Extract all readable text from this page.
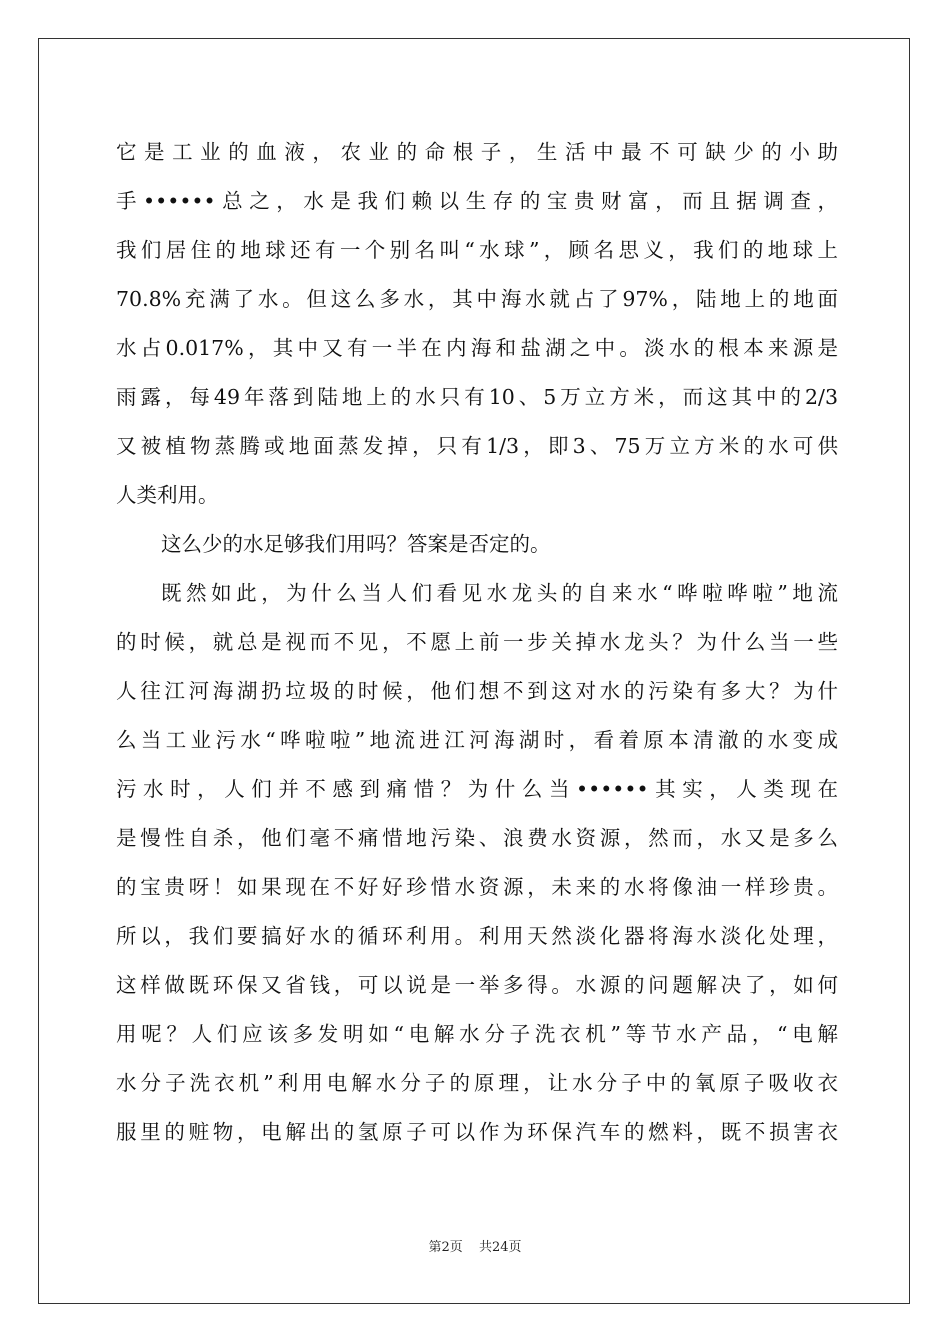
它是工业的血液，农业的命根子，生活中最不可缺少的小助
手••••••总之，水是我们赖以生存的宝贵财富，而且据调查，
我们居住的地球还有一个别名叫“水球”，顾名思义，我们的地球上
70.8%充满了水。但这么多水，其中海水就占了97%，陆地上的地面
水占0.017%，其中又有一半在内海和盐湖之中。淡水的根本来源是
雨露，每49年落到陆地上的水只有10、5万立方米，而这其中的2/3
又被植物蒸腾或地面蒸发掉，只有1/3，即3、75万立方米的水可供
人类利用。
这么少的水足够我们用吗？答案是否定的。
既然如此，为什么当人们看见水龙头的自来水“哗啦哗啦”地流
的时候，就总是视而不见，不愿上前一步关掉水龙头？为什么当一些
人往江河海湖扔垃圾的时候，他们想不到这对水的污染有多大？为什
么当工业污水“哗啦啦”地流进江河海湖时，看着原本清澈的水变成
污水时，人们并不感到痛惜？为什么当••••••其实，人类现在
是慢性自杀，他们毫不痛惜地污染、浪费水资源，然而，水又是多么
的宝贵呀！如果现在不好好珍惜水资源，未来的水将像油一样珍贵。
所以，我们要搞好水的循环利用。利用天然淡化器将海水淡化处理，
这样做既环保又省钱，可以说是一举多得。水源的问题解决了，如何
用呢？人们应该多发明如“电解水分子洗衣机”等节水产品，“电解
水分子洗衣机”利用电解水分子的原理，让水分子中的氧原子吸收衣
服里的赃物，电解出的氢原子可以作为环保汽车的燃料，既不损害衣
第2页 共24页
